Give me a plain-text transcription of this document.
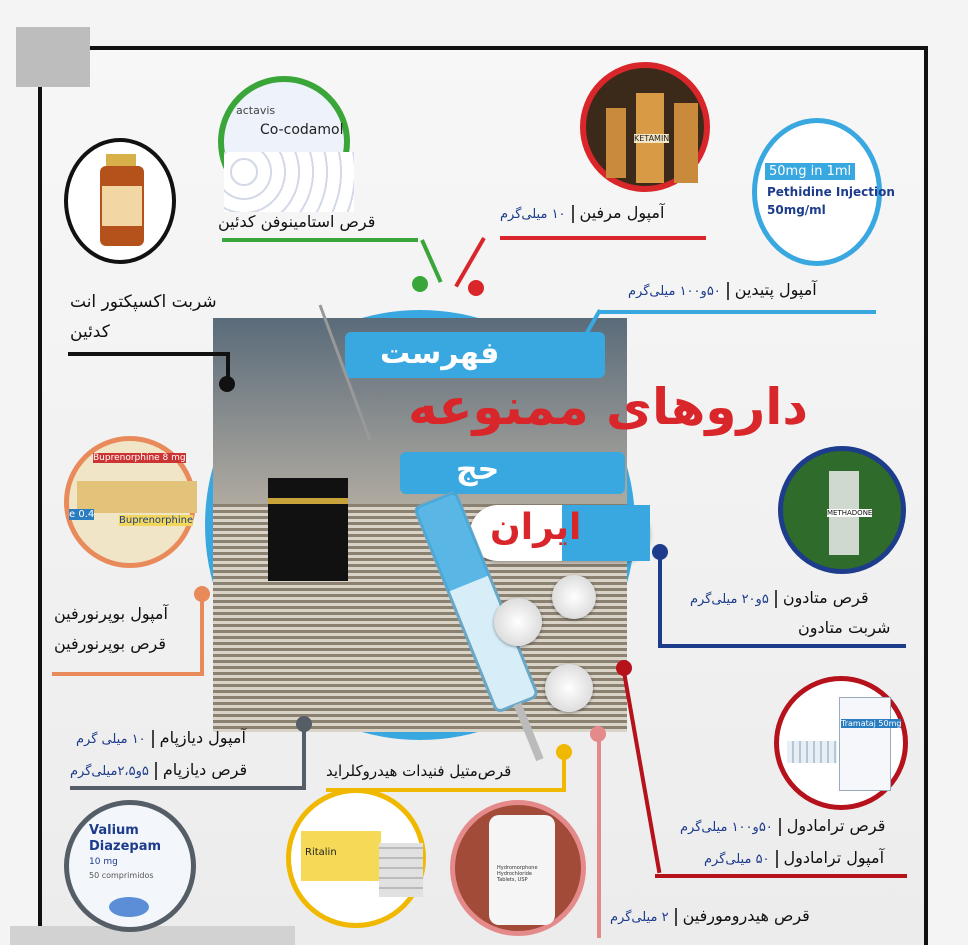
فهرست
داروهای ممنوعه
حج
ایران
actavis
Co-codamol
KETAMIN
50mg in 1ml
Pethidine Injection
50mg/ml
Buprenorphine 8 mg
e 0.4
Buprenorphine
METHADONE
Tramataj 50mg
Valium
Diazepam
10 mg
50 comprimidos
Ritalin
Hydromorphone Hydrochloride Tablets, USP
قرص استامینوفن کدئین	آمپول مرفین۱۰ میلی‌گرم
آمپول پتیدین۵۰و۱۰۰ میلی‌گرم
شربت اکسپکتور انت
کدئین
آمپول بوپرنورفین
قرص بوپرنورفین
قرص متادون۵و۲۰ میلی‌گرم
شربت متادون
آمپول دیازپام۱۰ میلی گرم
قرص دیازپام۵و۲،۵میلی‌گرم	قرص‌متیل فنیدات هیدروکلراید
قرص ترامادول۵۰و۱۰۰ میلی‌گرم
آمپول ترامادول۵۰ میلی‌گرم
قرص هیدرومورفین۲ میلی‌گرم
